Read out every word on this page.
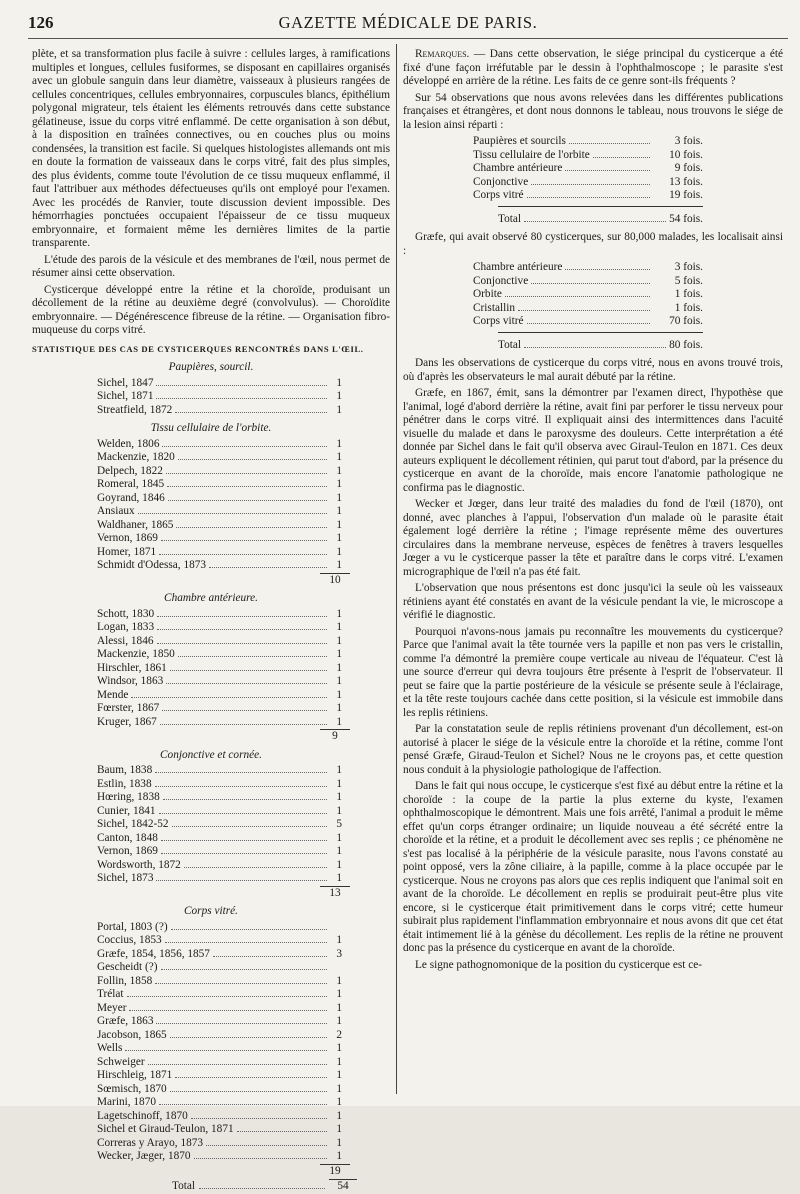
126	GAZETTE MÉDICALE DE PARIS.

plète, et sa transformation plus facile à suivre : cellules larges, à ramifications multiples et longues, cellules fusiformes, se disposant en capillaires organisés avec un globule sanguin dans leur diamètre, vaisseaux à plusieurs rangées de cellules concentriques, cellules embryonnaires, corpuscules blancs, épithélium polygonal migrateur, tels étaient les éléments retrouvés dans cette substance gélatineuse, issue du corps vitré enflammé. De cette organisation à son début, à la disposition en traînées connectives, ou en couches plus ou moins condensées, la transition est facile. Si quelques histologistes allemands ont mis en doute la formation de vaisseaux dans le corps vitré, fait des plus simples, des plus évidents, comme toute l'évolution de ce tissu muqueux enflammé, il faut l'attribuer aux méthodes défectueuses qu'ils ont employé pour l'examen. Avec les procédés de Ranvier, toute discussion devient impossible. Des hémorrhagies ponctuées occupaient l'épaisseur de ce tissu muqueux embryonnaire, et formaient même les dernières limites de la partie transparente.

L'étude des parois de la vésicule et des membranes de l'œil, nous permet de résumer ainsi cette observation.

Cysticerque développé entre la rétine et la choroïde, produisant un décollement de la rétine au deuxième degré (convolvulus). — Choroïdite embryonnaire. — Dégénérescence fibreuse de la rétine. — Organisation fibro-muqueuse du corps vitré.

STATISTIQUE DES CAS DE CYSTICERQUES RENCONTRÉS DANS L'ŒIL.
Paupières, sourcil.
Sichel, 1847	1
Sichel, 1871	1
Streatfield, 1872	1
Tissu cellulaire de l'orbite.
Welden, 1806	1
Mackenzie, 1820	1
Delpech, 1822	1
Romeral, 1845	1
Goyrand, 1846	1
Ansiaux	1
Waldhaner, 1865	1
Vernon, 1869	1
Homer, 1871	1
Schmidt d'Odessa, 1873	1
10
Chambre antérieure.
Schott, 1830	1
Logan, 1833	1
Alessi, 1846	1
Mackenzie, 1850	1
Hirschler, 1861	1
Windsor, 1863	1
Mende	1
Fœrster, 1867	1
Kruger, 1867	1
9
Conjonctive et cornée.
Baum, 1838	1
Estlin, 1838	1
Hœring, 1838	1
Cunier, 1841	1
Sichel, 1842-52	5
Canton, 1848	1
Vernon, 1869	1
Wordsworth, 1872	1
Sichel, 1873	1
13
Corps vitré.
Portal, 1803 (?)
Coccius, 1853	1
Græfe, 1854, 1856, 1857	3
Gescheidt (?)
Follin, 1858	1
Trélat	1
Meyer	1
Græfe, 1863	1
Jacobson, 1865	2
Wells	1
Schweiger	1
Hirschleig, 1871	1
Sœmisch, 1870	1
Marini, 1870	1
Lagetschinoff, 1870	1
Sichel et Giraud-Teulon, 1871	1
Correras y Arayo, 1873	1
Wecker, Jæger, 1870	1
19
Total	54

Remarques. — Dans cette observation, le siége principal du cysticerque a été fixé d'une façon irréfutable par le dessin à l'ophthalmoscope ; le parasite s'est développé en arrière de la rétine. Les faits de ce genre sont-ils fréquents ?

Sur 54 observations que nous avons relevées dans les différentes publications françaises et étrangères, et dont nous donnons le tableau, nous trouvons le siége de la lesion ainsi réparti :

Paupières et sourcils	3 fois.
Tissu cellulaire de l'orbite	10 fois.
Chambre antérieure	9 fois.
Conjonctive	13 fois.
Corps vitré	19 fois.
Total	54 fois.

Græfe, qui avait observé 80 cysticerques, sur 80,000 malades, les localisait ainsi :

Chambre antérieure	3 fois.
Conjonctive	5 fois.
Orbite	1 fois.
Cristallin	1 fois.
Corps vitré	70 fois.
Total	80 fois.

Dans les observations de cysticerque du corps vitré, nous en avons trouvé trois, où d'après les observateurs le mal aurait débuté par la rétine.

Græfe, en 1867, émit, sans la démontrer par l'examen direct, l'hypothèse que l'animal, logé d'abord derrière la rétine, avait fini par perforer le tissu nerveux pour pénétrer dans le corps vitré. Il expliquait ainsi des intermittences dans l'acuité visuelle du malade et dans le paroxysme des douleurs. Cette interprétation a été donnée par Sichel dans le fait qu'il observa avec Giraul-Teulon en 1871. Ces deux auteurs expliquent le décollement rétinien, qui parut tout d'abord, par la présence du cysticerque en avant de la choroïde, mais encore l'anatomie pathologique ne confirma pas le diagnostic.

Wecker et Jœger, dans leur traité des maladies du fond de l'œil (1870), ont donné, avec planches à l'appui, l'observation d'un malade où le parasite était également logé derrière la rétine ; l'image représente même des ouvertures circulaires dans la membrane nerveuse, espèces de fenêtres à travers lesquelles Jœger a vu le cysticerque passer la tête et paraître dans le corps vitré. L'examen micrographique de l'œil n'a pas été fait.

L'observation que nous présentons est donc jusqu'ici la seule où les vaisseaux rétiniens ayant été constatés en avant de la vésicule pendant la vie, le microscope a vérifié le diagnostic.

Pourquoi n'avons-nous jamais pu reconnaître les mouvements du cysticerque? Parce que l'animal avait la tête tournée vers la papille et non pas vers le cristallin, comme l'a démontré la première coupe verticale au niveau de l'équateur. C'est là une source d'erreur qui devra toujours être présente à l'esprit de l'observateur. Il peut se faire que la partie postérieure de la vésicule se présente seule à l'éclairage, et la tête reste toujours cachée dans cette position, si la vésicule est immobile dans les replis rétiniens.

Par la constatation seule de replis rétiniens provenant d'un décollement, est-on autorisé à placer le siége de la vésicule entre la choroïde et la rétine, comme l'ont pensé Græfe, Giraud-Teulon et Sichel? Nous ne le croyons pas, et cette question nous conduit à la physiologie pathologique de l'affection.

Dans le fait qui nous occupe, le cysticerque s'est fixé au début entre la rétine et la choroïde : la coupe de la partie la plus externe du kyste, l'examen ophthalmoscopique le démontrent. Mais une fois arrêté, l'animal a produit le même effet qu'un corps étranger ordinaire; un liquide nouveau a été sécrété entre la choroïde et la rétine, et a produit le décollement avec ses replis ; ce phénomène ne s'est pas localisé à la périphérie de la vésicule parasite, nous l'avons constaté au point opposé, vers la zône ciliaire, à la papille, comme à la place occupée par le cysticerque. Nous ne croyons pas alors que ces replis indiquent que l'animal soit en avant de la choroïde. Le décollement en replis se produirait peut-être plus vite encore, si le cysticerque était primitivement dans le corps vitré; cette humeur subirait plus rapidement l'inflammation embryonnaire et nous avons dit que cet état était intimement lié à la génèse du décollement. Les replis de la rétine ne prouvent donc pas la présence du cysticerque en avant de la choroïde.

Le signe pathognomonique de la position du cysticerque est ce-
